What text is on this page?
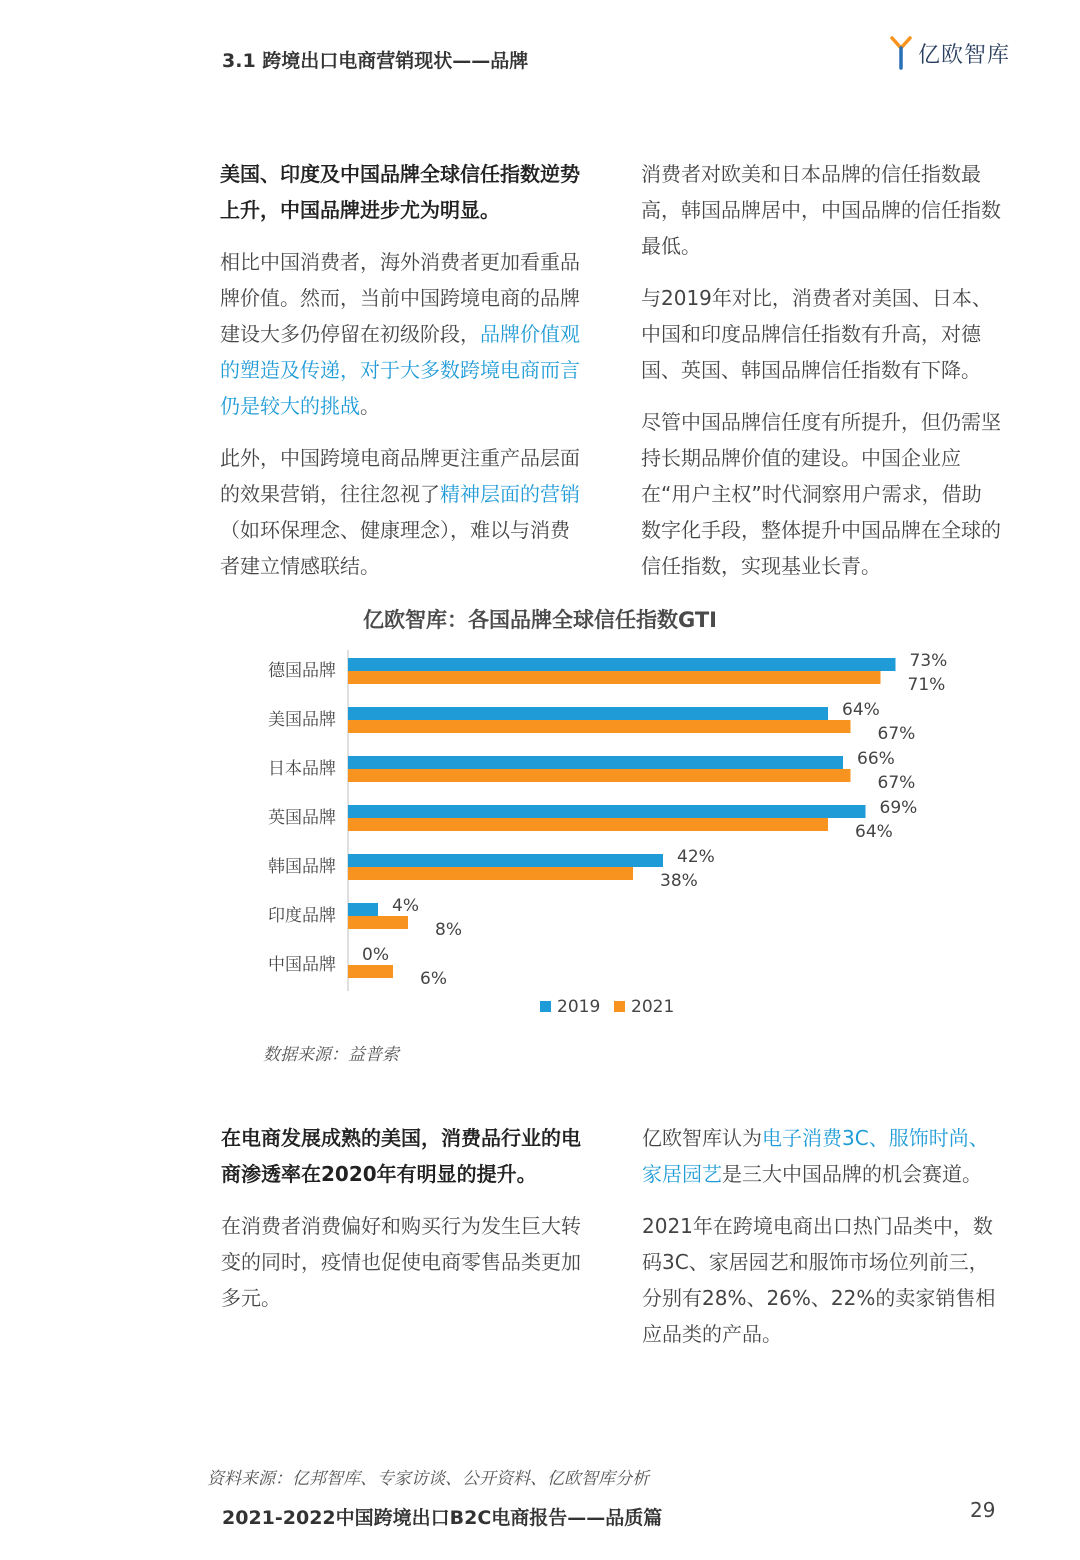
3.1 跨境出口电商营销现状——品牌	亿欧智库

美国、印度及中国品牌全球信任指数逆势上升，中国品牌进步尤为明显。

相比中国消费者，海外消费者更加看重品牌价值。然而，当前中国跨境电商的品牌建设大多仍停留在初级阶段，品牌价值观的塑造及传递，对于大多数跨境电商而言仍是较大的挑战。

此外，中国跨境电商品牌更注重产品层面的效果营销，往往忽视了精神层面的营销（如环保理念、健康理念），难以与消费者建立情感联结。

消费者对欧美和日本品牌的信任指数最高，韩国品牌居中，中国品牌的信任指数最低。

与2019年对比，消费者对美国、日本、中国和印度品牌信任指数有升高，对德国、英国、韩国品牌信任指数有下降。

尽管中国品牌信任度有所提升，但仍需坚持长期品牌价值的建设。中国企业应在“用户主权”时代洞察用户需求，借助数字化手段，整体提升中国品牌在全球的信任指数，实现基业长青。

亿欧智库：各国品牌全球信任指数GTI
德国品牌	73%
71%
美国品牌	64%
67%
日本品牌	66%
67%
英国品牌	69%
64%
韩国品牌	42%
38%
印度品牌	4%
8%
中国品牌 0%
6%
2019 2021
数据来源：益普索

在电商发展成熟的美国，消费品行业的电商渗透率在2020年有明显的提升。

在消费者消费偏好和购买行为发生巨大转变的同时，疫情也促使电商零售品类更加多元。

亿欧智库认为电子消费3C、服饰时尚、家居园艺是三大中国品牌的机会赛道。

2021年在跨境电商出口热门品类中，数码3C、家居园艺和服饰市场位列前三，分别有28%、26%、22%的卖家销售相应品类的产品。

资料来源：亿邦智库、专家访谈、公开资料、亿欧智库分析
2021-2022中国跨境出口B2C电商报告——品质篇	29
